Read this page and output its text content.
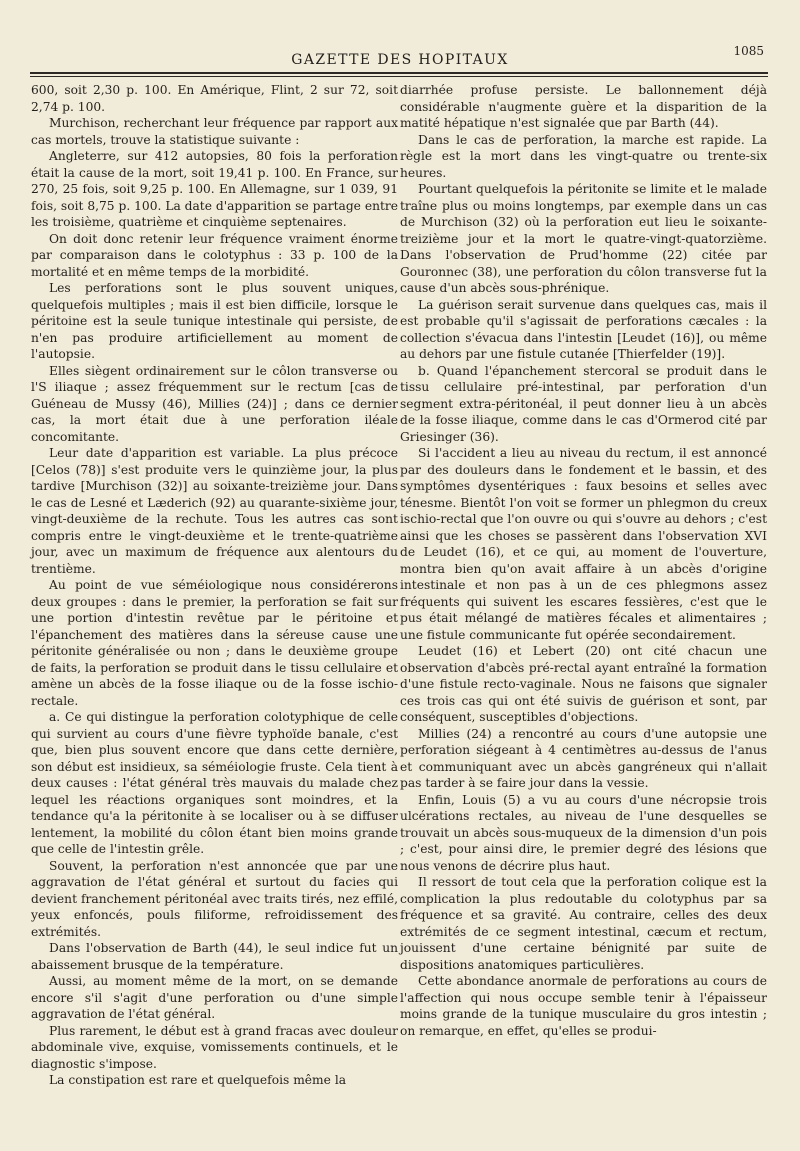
GAZETTE DES HOPITAUX
1085

600, soit 2,30 p. 100. En Amérique, Flint, 2 sur 72, soit 2,74 p. 100.

Murchison, recherchant leur fréquence par rapport aux cas mortels, trouve la statistique suivante :

Angleterre, sur 412 autopsies, 80 fois la perforation était la cause de la mort, soit 19,41 p. 100. En France, sur 270, 25 fois, soit 9,25 p. 100. En Allemagne, sur 1 039, 91 fois, soit 8,75 p. 100. La date d'apparition se partage entre les troisième, quatrième et cinquième septenaires.

On doit donc retenir leur fréquence vraiment énorme par comparaison dans le colotyphus : 33 p. 100 de la mortalité et en même temps de la morbidité.

Les perforations sont le plus souvent uniques, quelquefois multiples ; mais il est bien difficile, lorsque le péritoine est la seule tunique intestinale qui persiste, de n'en pas produire artificiellement au moment de l'autopsie.

Elles siègent ordinairement sur le côlon transverse ou l'S iliaque ; assez fréquemment sur le rectum [cas de Guéneau de Mussy (46), Millies (24)] ; dans ce dernier cas, la mort était due à une perforation iléale concomitante.

Leur date d'apparition est variable. La plus précoce [Celos (78)] s'est produite vers le quinzième jour, la plus tardive [Murchison (32)] au soixante-treizième jour. Dans le cas de Lesné et Læderich (92) au quarante-sixième jour, vingt-deuxième de la rechute. Tous les autres cas sont compris entre le vingt-deuxième et le trente-quatrième jour, avec un maximum de fréquence aux alentours du trentième.

Au point de vue séméiologique nous considérerons deux groupes : dans le premier, la perforation se fait sur une portion d'intestin revêtue par le péritoine et l'épanchement des matières dans la séreuse cause une péritonite généralisée ou non ; dans le deuxième groupe de faits, la perforation se produit dans le tissu cellulaire et amène un abcès de la fosse iliaque ou de la fosse ischio-rectale.

a. Ce qui distingue la perforation colotyphique de celle qui survient au cours d'une fièvre typhoïde banale, c'est que, bien plus souvent encore que dans cette dernière, son début est insidieux, sa séméiologie fruste. Cela tient à deux causes : l'état général très mauvais du malade chez lequel les réactions organiques sont moindres, et la tendance qu'a la péritonite à se localiser ou à se diffuser lentement, la mobilité du côlon étant bien moins grande que celle de l'intestin grêle.

Souvent, la perforation n'est annoncée que par une aggravation de l'état général et surtout du facies qui devient franchement péritonéal avec traits tirés, nez effilé, yeux enfoncés, pouls filiforme, refroidissement des extrémités.

Dans l'observation de Barth (44), le seul indice fut un abaissement brusque de la température.

Aussi, au moment même de la mort, on se demande encore s'il s'agit d'une perforation ou d'une simple aggravation de l'état général.

Plus rarement, le début est à grand fracas avec douleur abdominale vive, exquise, vomissements continuels, et le diagnostic s'impose.

La constipation est rare et quelquefois même la

diarrhée profuse persiste. Le ballonnement déjà considérable n'augmente guère et la disparition de la matité hépatique n'est signalée que par Barth (44).

Dans le cas de perforation, la marche est rapide. La règle est la mort dans les vingt-quatre ou trente-six heures.

Pourtant quelquefois la péritonite se limite et le malade traîne plus ou moins longtemps, par exemple dans un cas de Murchison (32) où la perforation eut lieu le soixante-treizième jour et la mort le quatre-vingt-quatorzième. Dans l'observation de Prud'homme (22) citée par Gouronnec (38), une perforation du côlon transverse fut la cause d'un abcès sous-phrénique.

La guérison serait survenue dans quelques cas, mais il est probable qu'il s'agissait de perforations cæcales : la collection s'évacua dans l'intestin [Leudet (16)], ou même au dehors par une fistule cutanée [Thierfelder (19)].

b. Quand l'épanchement stercoral se produit dans le tissu cellulaire pré-intestinal, par perforation d'un segment extra-péritonéal, il peut donner lieu à un abcès de la fosse iliaque, comme dans le cas d'Ormerod cité par Griesinger (36).

Si l'accident a lieu au niveau du rectum, il est annoncé par des douleurs dans le fondement et le bassin, et des symptômes dysentériques : faux besoins et selles avec ténesme. Bientôt l'on voit se former un phlegmon du creux ischio-rectal que l'on ouvre ou qui s'ouvre au dehors ; c'est ainsi que les choses se passèrent dans l'observation XVI de Leudet (16), et ce qui, au moment de l'ouverture, montra bien qu'on avait affaire à un abcès d'origine intestinale et non pas à un de ces phlegmons assez fréquents qui suivent les escares fessières, c'est que le pus était mélangé de matières fécales et alimentaires ; une fistule communicante fut opérée secondairement.

Leudet (16) et Lebert (20) ont cité chacun une observation d'abcès pré-rectal ayant entraîné la formation d'une fistule recto-vaginale. Nous ne faisons que signaler ces trois cas qui ont été suivis de guérison et sont, par conséquent, susceptibles d'objections.

Millies (24) a rencontré au cours d'une autopsie une perforation siégeant à 4 centimètres au-dessus de l'anus et communiquant avec un abcès gangréneux qui n'allait pas tarder à se faire jour dans la vessie.

Enfin, Louis (5) a vu au cours d'une nécropsie trois ulcérations rectales, au niveau de l'une desquelles se trouvait un abcès sous-muqueux de la dimension d'un pois ; c'est, pour ainsi dire, le premier degré des lésions que nous venons de décrire plus haut.

Il ressort de tout cela que la perforation colique est la complication la plus redoutable du colotyphus par sa fréquence et sa gravité. Au contraire, celles des deux extrémités de ce segment intestinal, cæcum et rectum, jouissent d'une certaine bénignité par suite de dispositions anatomiques particulières.

Cette abondance anormale de perforations au cours de l'affection qui nous occupe semble tenir à l'épaisseur moins grande de la tunique musculaire du gros intestin ; on remarque, en effet, qu'elles se produi-
